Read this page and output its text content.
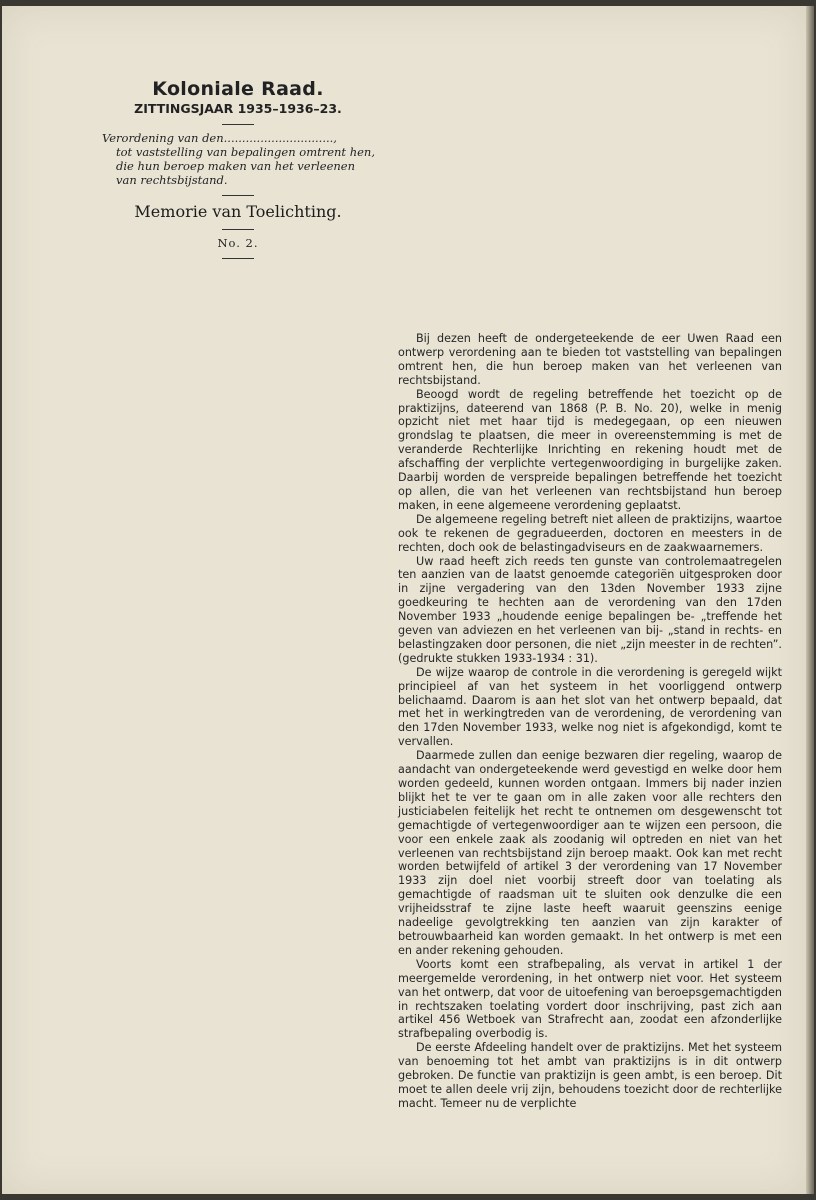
Koloniale Raad.
ZITTINGSJAAR 1935–1936–23.
Verordening van den..............................,
tot vaststelling van bepalingen omtrent hen,
die hun beroep maken van het verleenen
van rechtsbijstand.
Memorie van Toelichting.
No. 2.

Bij dezen heeft de ondergeteekende de eer Uwen Raad een ontwerp verordening aan te bieden tot vaststelling van bepalingen omtrent hen, die hun beroep maken van het verleenen van rechtsbijstand.

Beoogd wordt de regeling betreffende het toezicht op de praktizijns, dateerend van 1868 (P. B. No. 20), welke in menig opzicht niet met haar tijd is medegegaan, op een nieuwen grondslag te plaatsen, die meer in overeenstemming is met de veranderde Rechterlijke Inrichting en rekening houdt met de afschaffing der verplichte vertegenwoordiging in burgelijke zaken. Daarbij worden de verspreide bepalingen betreffende het toezicht op allen, die van het verleenen van rechtsbijstand hun beroep maken, in eene algemeene verordening geplaatst.

De algemeene regeling betreft niet alleen de praktizijns, waartoe ook te rekenen de gegradueerden, doctoren en meesters in de rechten, doch ook de belastingadviseurs en de zaakwaarnemers.

Uw raad heeft zich reeds ten gunste van controlemaatregelen ten aanzien van de laatst genoemde categoriën uitgesproken door in zijne vergadering van den 13den November 1933 zijne goedkeuring te hechten aan de verordening van den 17den November 1933 „houdende eenige bepalingen be- „treffende het geven van adviezen en het verleenen van bij- „stand in rechts- en belastingzaken door personen, die niet „zijn meester in de rechten”. (gedrukte stukken 1933-1934 : 31).

De wijze waarop de controle in die verordening is geregeld wijkt principieel af van het systeem in het voorliggend ontwerp belichaamd. Daarom is aan het slot van het ontwerp bepaald, dat met het in werkingtreden van de verordening, de verordening van den 17den November 1933, welke nog niet is afgekondigd, komt te vervallen.

Daarmede zullen dan eenige bezwaren dier regeling, waarop de aandacht van ondergeteekende werd gevestigd en welke door hem worden gedeeld, kunnen worden ontgaan. Immers bij nader inzien blijkt het te ver te gaan om in alle zaken voor alle rechters den justiciabelen feitelijk het recht te ontnemen om desgewenscht tot gemachtigde of vertegenwoordiger aan te wijzen een persoon, die voor een enkele zaak als zoodanig wil optreden en niet van het verleenen van rechtsbijstand zijn beroep maakt. Ook kan met recht worden betwijfeld of artikel 3 der verordening van 17 November 1933 zijn doel niet voorbij streeft door van toelating als gemachtigde of raadsman uit te sluiten ook denzulke die een vrijheidsstraf te zijne laste heeft waaruit geenszins eenige nadeelige gevolgtrekking ten aanzien van zijn karakter of betrouwbaarheid kan worden gemaakt. In het ontwerp is met een en ander rekening gehouden.

Voorts komt een strafbepaling, als vervat in artikel 1 der meergemelde verordening, in het ontwerp niet voor. Het systeem van het ontwerp, dat voor de uitoefening van beroepsgemachtigden in rechtszaken toelating vordert door inschrijving, past zich aan artikel 456 Wetboek van Strafrecht aan, zoodat een afzonderlijke strafbepaling overbodig is.

De eerste Afdeeling handelt over de praktizijns. Met het systeem van benoeming tot het ambt van praktizijns is in dit ontwerp gebroken. De functie van praktizijn is geen ambt, is een beroep. Dit moet te allen deele vrij zijn, behoudens toezicht door de rechterlijke macht. Temeer nu de verplichte
